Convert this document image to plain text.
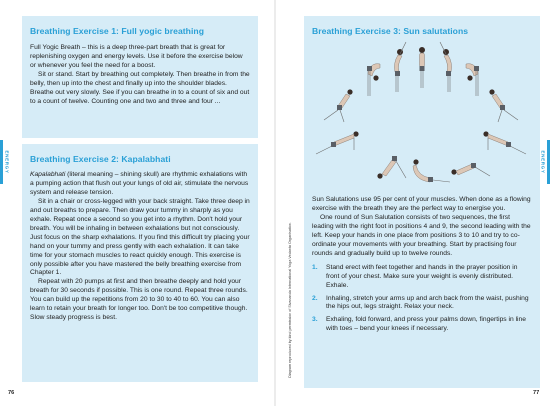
Breathing Exercise 1: Full yogic breathing

Full Yogic Breath – this is a deep three-part breath that is great for replenishing oxygen and energy levels. Use it before the exercise below or whenever you feel the need for a boost.

Sit or stand. Start by breathing out completely. Then breathe in from the belly, then up into the chest and finally up into the shoulder blades. Breathe out very slowly. See if you can breathe in to a count of six and out to a count of twelve. Counting one and two and three and four ...

Breathing Exercise 2: Kapalabhati

Kapalabhati (literal meaning – shining skull) are rhythmic exhalations with a pumping action that flush out your lungs of old air, stimulate the nervous system and release tension.

Sit in a chair or cross-legged with your back straight. Take three deep in and out breaths to prepare. Then draw your tummy in sharply as you exhale. Repeat once a second so you get into a rhythm. Don't hold your breath. You will be inhaling in between exhalations but not consciously. Just focus on the sharp exhalations. If you find this difficult try placing your hand on your tummy and press gently with each exhalation. It can take time for your stomach muscles to react quickly enough. This exercise is only possible after you have mastered the belly breathing exercise from Chapter 1.

Repeat with 20 pumps at first and then breathe deeply and hold your breath for 30 seconds if possible. This is one round. Repeat three rounds. You can build up the repetitions from 20 to 30 to 40 to 60. You can also learn to retain your breath for longer too. Don't be too competitive though. Slow steady progress is best.

ENERGY
76
Diagram reproduced by kind permission of Sivananda International Yoga Vedanta Organisation.
Breathing Exercise 3: Sun salutations

Sun Salutations use 95 per cent of your muscles. When done as a flowing exercise with the breath they are the perfect way to energise you.

One round of Sun Salutation consists of two sequences, the first leading with the right foot in positions 4 and 9, the second leading with the left. Keep your hands in one place from positions 3 to 10 and try to co-ordinate your movements with your breathing. Start by practising four rounds and gradually build up to twelve rounds.

1. Stand erect with feet together and hands in the prayer position in front of your chest. Make sure your weight is evenly distributed. Exhale.
2. Inhaling, stretch your arms up and arch back from the waist, pushing the hips out, legs straight. Relax your neck.
3. Exhaling, fold forward, and press your palms down, fingertips in line with toes – bend your knees if necessary.
ENERGY
77
